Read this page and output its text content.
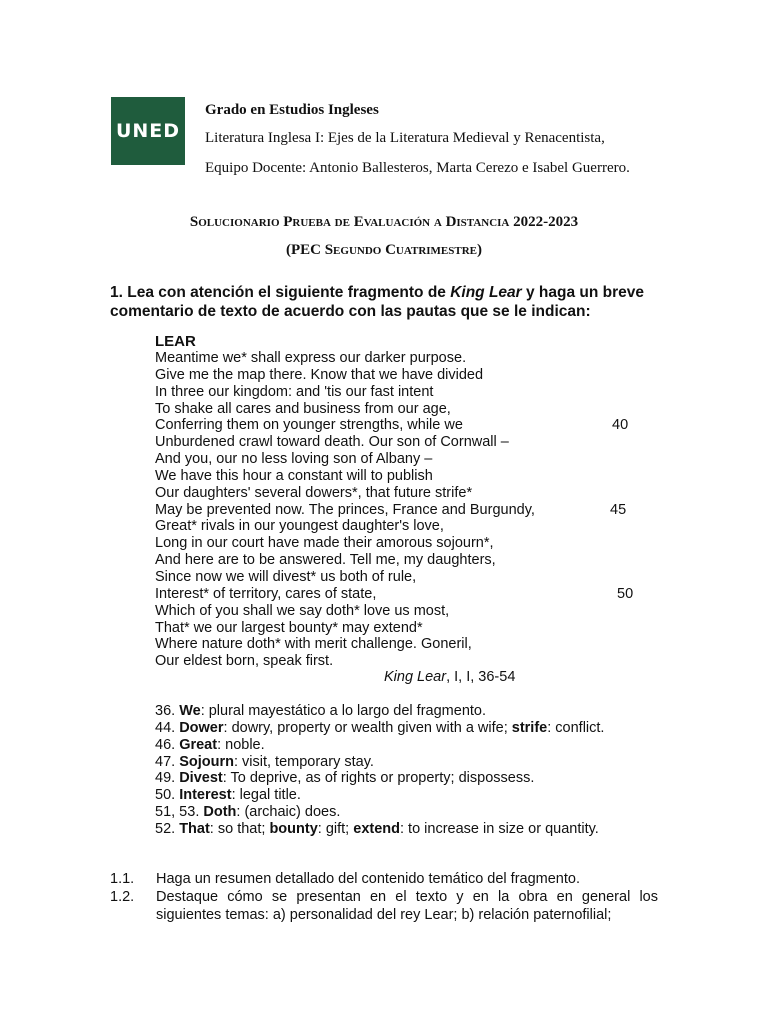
UNED
Grado en Estudios Ingleses
Literatura Inglesa I: Ejes de la Literatura Medieval y Renacentista,
Equipo Docente: Antonio Ballesteros, Marta Cerezo e Isabel Guerrero.
Solucionario Prueba de Evaluación a Distancia 2022-2023
(PEC Segundo Cuatrimestre)
1. Lea con atención el siguiente fragmento de King Lear y haga un breve comentario de texto de acuerdo con las pautas que se le indican:
LEAR
Meantime we* shall express our darker purpose.
Give me the map there. Know that we have divided
In three our kingdom: and 'tis our fast intent
To shake all cares and business from our age,
Conferring them on younger strengths, while we	40
Unburdened crawl toward death. Our son of Cornwall –
And you, our no less loving son of Albany –
We have this hour a constant will to publish
Our daughters' several dowers*, that future strife*
May be prevented now. The princes, France and Burgundy,	45
Great* rivals in our youngest daughter's love,
Long in our court have made their amorous sojourn*,
And here are to be answered. Tell me, my daughters,
Since now we will divest* us both of rule,
Interest* of territory, cares of state,	50
Which of you shall we say doth* love us most,
That* we our largest bounty* may extend*
Where nature doth* with merit challenge. Goneril,
Our eldest born, speak first.
King Lear, I, I, 36-54
36. We: plural mayestático a lo largo del fragmento.
44. Dower: dowry, property or wealth given with a wife; strife: conflict.
46. Great: noble.
47. Sojourn: visit, temporary stay.
49. Divest: To deprive, as of rights or property; dispossess.
50. Interest: legal title.
51, 53. Doth: (archaic) does.
52. That: so that; bounty: gift; extend: to increase in size or quantity.
1.1. Haga un resumen detallado del contenido temático del fragmento.
1.2. Destaque cómo se presentan en el texto y en la obra en general los siguientes temas: a) personalidad del rey Lear; b) relación paternofilial;
